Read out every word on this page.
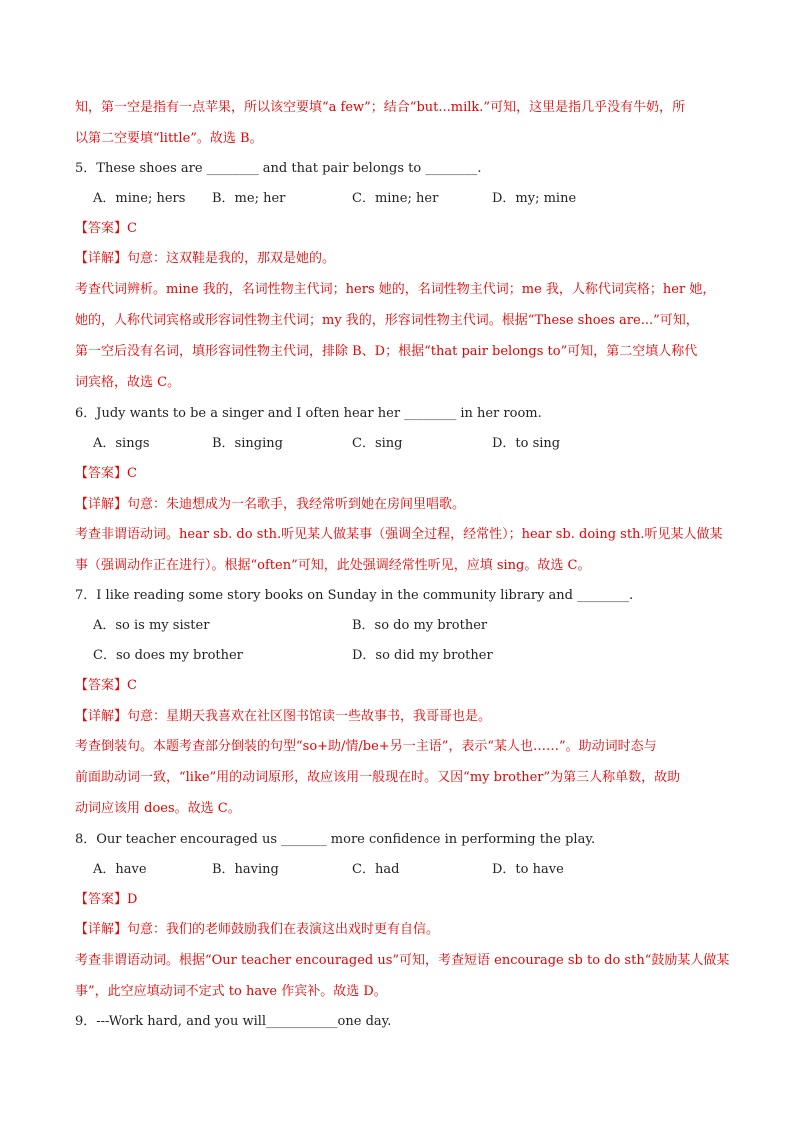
知，第一空是指有一点苹果，所以该空要填“a few”；结合“but...milk.”可知，这里是指几乎没有牛奶，所
以第二空要填“little”。故选 B。
5．These shoes are ________ and that pair belongs to ________.
A．mine; hers B．me; her	C．mine; her	D．my; mine
【答案】C
【详解】句意：这双鞋是我的，那双是她的。
考查代词辨析。mine 我的，名词性物主代词；hers 她的，名词性物主代词；me 我，人称代词宾格；her 她，
她的，人称代词宾格或形容词性物主代词；my 我的，形容词性物主代词。根据“These shoes are...”可知，
第一空后没有名词，填形容词性物主代词，排除 B、D；根据“that pair belongs to”可知，第二空填人称代
词宾格，故选 C。
6．Judy wants to be a singer and I often hear her ________ in her room.
A．sings	B．singing	C．sing	D．to sing
【答案】C
【详解】句意：朱迪想成为一名歌手，我经常听到她在房间里唱歌。
考查非谓语动词。hear sb. do sth.听见某人做某事（强调全过程，经常性）；hear sb. doing sth.听见某人做某
事（强调动作正在进行）。根据“often”可知，此处强调经常性听见，应填 sing。故选 C。
7．I like reading some story books on Sunday in the community library and ________.
A．so is my sister	B．so do my brother
C．so does my brother	D．so did my brother
【答案】C
【详解】句意：星期天我喜欢在社区图书馆读一些故事书，我哥哥也是。
考查倒装句。本题考查部分倒装的句型“so+助/情/be+另一主语”，表示“某人也……”。助动词时态与
前面助动词一致，“like”用的动词原形，故应该用一般现在时。又因“my brother”为第三人称单数，故助
动词应该用 does。故选 C。
8．Our teacher encouraged us _______ more confidence in performing the play.
A．have	B．having	C．had	D．to have
【答案】D
【详解】句意：我们的老师鼓励我们在表演这出戏时更有自信。
考查非谓语动词。根据“Our teacher encouraged us”可知，考查短语 encourage sb to do sth“鼓励某人做某
事”，此空应填动词不定式 to have 作宾补。故选 D。
9．---Work hard, and you will___________one day.
